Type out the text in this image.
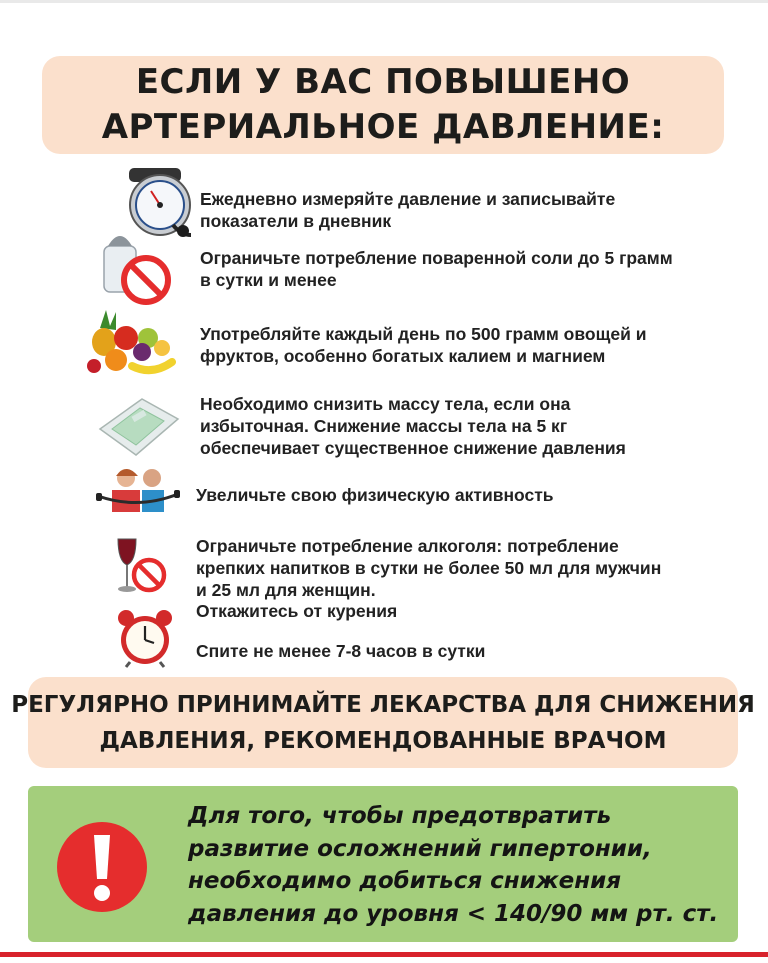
ЕСЛИ У ВАС ПОВЫШЕНО
АРТЕРИАЛЬНОЕ ДАВЛЕНИЕ:
Ежедневно измеряйте давление и записывайте
показатели в дневник
Ограничьте потребление поваренной соли до 5 грамм
в сутки и менее
Употребляйте каждый день по 500 грамм овощей и
фруктов, особенно богатых калием и магнием
Необходимо снизить массу тела, если она
избыточная. Снижение массы тела на 5 кг
обеспечивает существенное снижение давления
Увеличьте свою физическую активность
Ограничьте потребление алкоголя: потребление
крепких напитков в сутки не более 50 мл для мужчин
и 25 мл для женщин.
Откажитесь от курения
Спите не менее 7-8 часов в сутки
РЕГУЛЯРНО ПРИНИМАЙТЕ ЛЕКАРСТВА ДЛЯ СНИЖЕНИЯ
ДАВЛЕНИЯ, РЕКОМЕНДОВАННЫЕ ВРАЧОМ
Для того, чтобы предотвратить
развитие осложнений гипертонии,
необходимо добиться снижения
давления до уровня < 140/90 мм рт. ст.
